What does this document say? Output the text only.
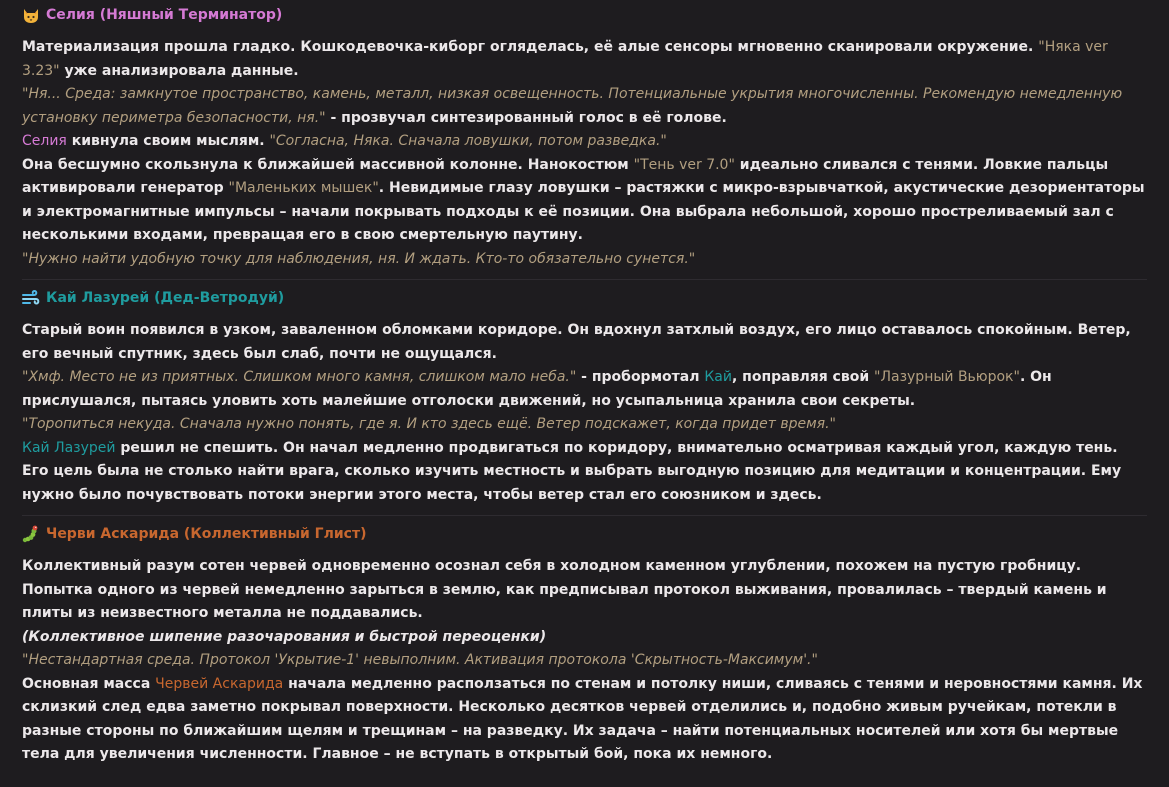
Селия (Няшный Терминатор)

Материализация прошла гладко. Кошкодевочка-киборг огляделась, её алые сенсоры мгновенно сканировали окружение. "Няка ver 3.23" уже анализировала данные.

"Ня... Среда: замкнутое пространство, камень, металл, низкая освещенность. Потенциальные укрытия многочисленны. Рекомендую немедленную установку периметра безопасности, ня." - прозвучал синтезированный голос в её голове.

Селия кивнула своим мыслям. "Согласна, Няка. Сначала ловушки, потом разведка."

Она бесшумно скользнула к ближайшей массивной колонне. Нанокостюм "Тень ver 7.0" идеально сливался с тенями. Ловкие пальцы активировали генератор "Маленьких мышек". Невидимые глазу ловушки – растяжки с микро-взрывчаткой, акустические дезориентаторы и электромагнитные импульсы – начали покрывать подходы к её позиции. Она выбрала небольшой, хорошо простреливаемый зал с несколькими входами, превращая его в свою смертельную паутину.

"Нужно найти удобную точку для наблюдения, ня. И ждать. Кто-то обязательно сунется."

Кай Лазурей (Дед-Ветродуй)

Старый воин появился в узком, заваленном обломками коридоре. Он вдохнул затхлый воздух, его лицо оставалось спокойным. Ветер, его вечный спутник, здесь был слаб, почти не ощущался.

"Хмф. Место не из приятных. Слишком много камня, слишком мало неба." - пробормотал Кай, поправляя свой "Лазурный Вьюрок". Он прислушался, пытаясь уловить хоть малейшие отголоски движений, но усыпальница хранила свои секреты.

"Торопиться некуда. Сначала нужно понять, где я. И кто здесь ещё. Ветер подскажет, когда придет время."

Кай Лазурей решил не спешить. Он начал медленно продвигаться по коридору, внимательно осматривая каждый угол, каждую тень. Его цель была не столько найти врага, сколько изучить местность и выбрать выгодную позицию для медитации и концентрации. Ему нужно было почувствовать потоки энергии этого места, чтобы ветер стал его союзником и здесь.

Черви Аскарида (Коллективный Глист)

Коллективный разум сотен червей одновременно осознал себя в холодном каменном углублении, похожем на пустую гробницу. Попытка одного из червей немедленно зарыться в землю, как предписывал протокол выживания, провалилась – твердый камень и плиты из неизвестного металла не поддавались.

(Коллективное шипение разочарования и быстрой переоценки)

"Нестандартная среда. Протокол 'Укрытие-1' невыполним. Активация протокола 'Скрытность-Максимум'."

Основная масса Червей Аскарида начала медленно расползаться по стенам и потолку ниши, сливаясь с тенями и неровностями камня. Их склизкий след едва заметно покрывал поверхности. Несколько десятков червей отделились и, подобно живым ручейкам, потекли в разные стороны по ближайшим щелям и трещинам – на разведку. Их задача – найти потенциальных носителей или хотя бы мертвые тела для увеличения численности. Главное – не вступать в открытый бой, пока их немного.
